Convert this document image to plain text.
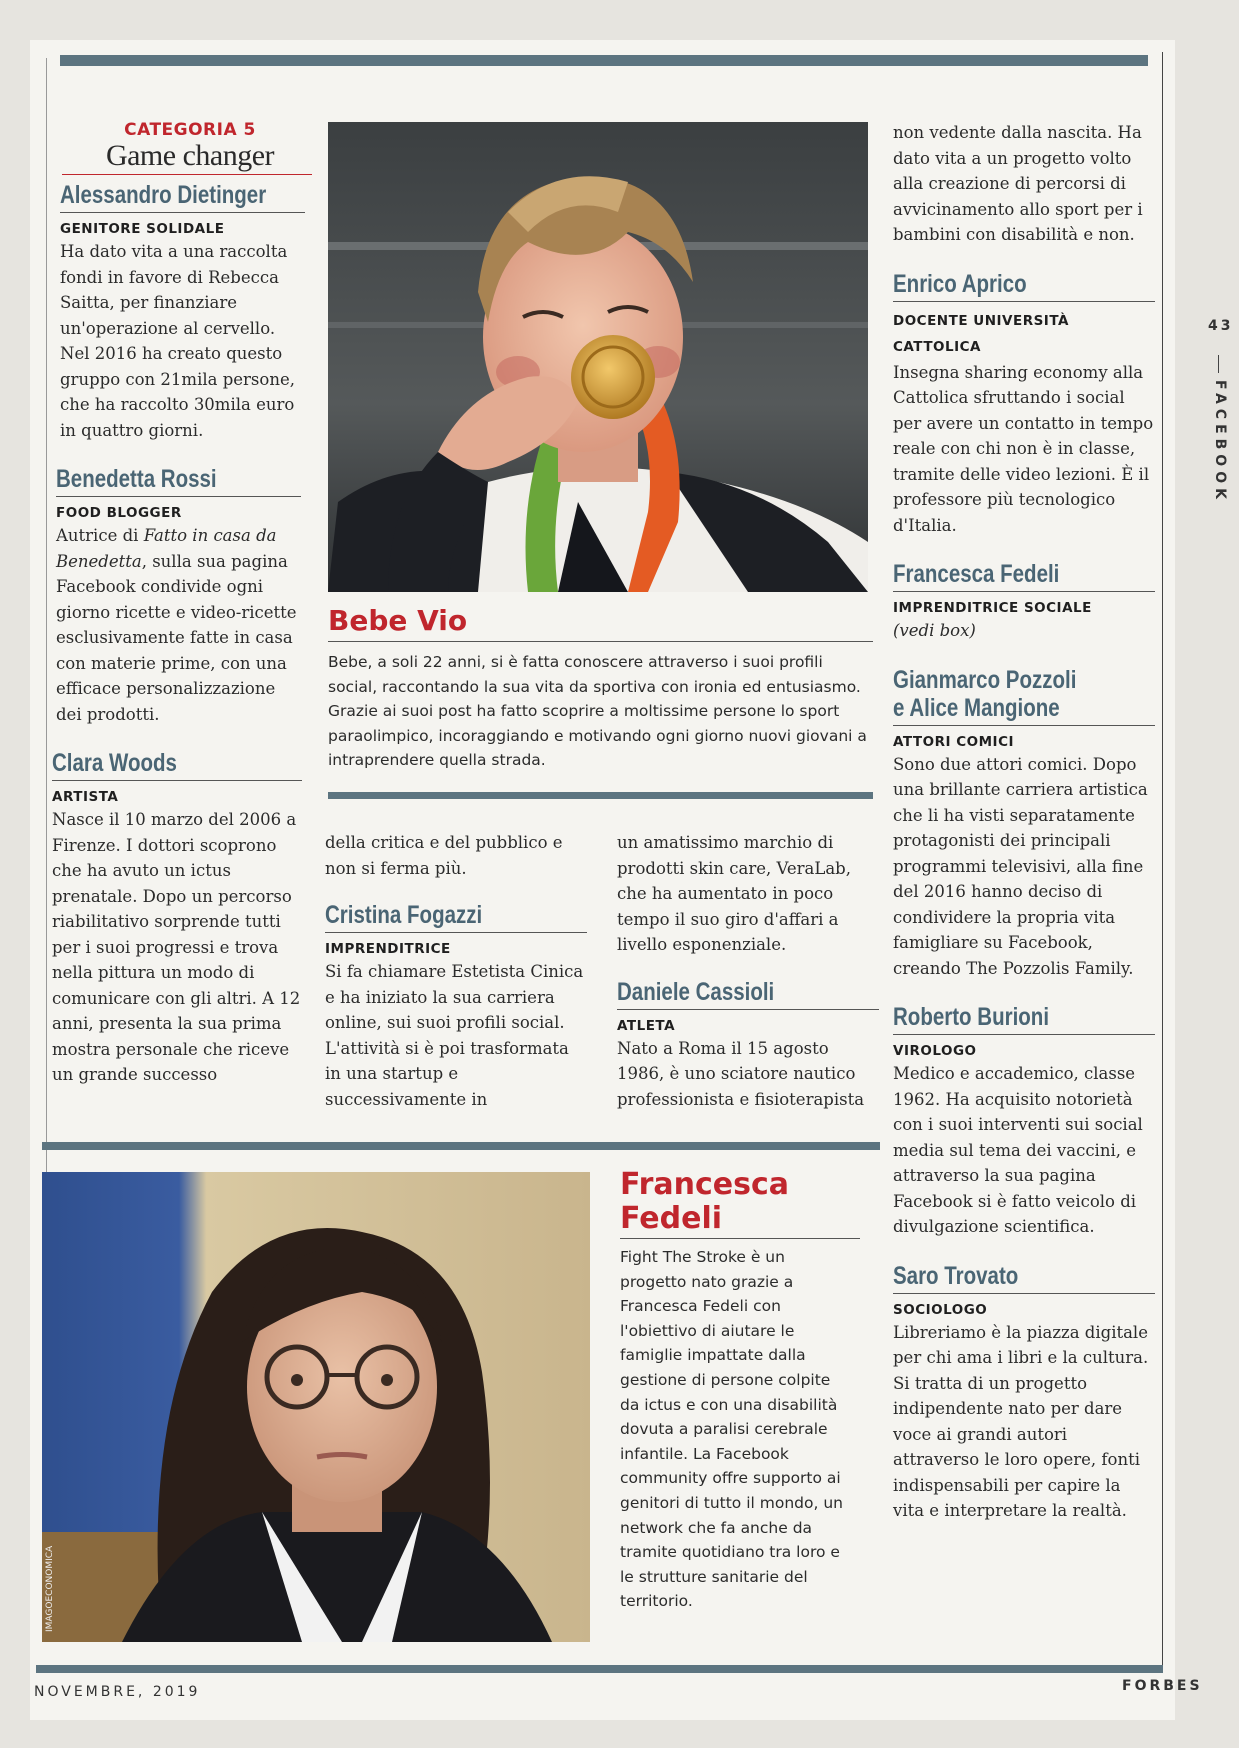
CATEGORIA 5
Game changer
Alessandro Dietinger
GENITORE SOLIDALE
Ha dato vita a una raccolta fondi in favore di Rebecca Saitta, per finanziare un'operazione al cervello. Nel 2016 ha creato questo gruppo con 21mila persone, che ha raccolto 30mila euro in quattro giorni.
Benedetta Rossi
FOOD BLOGGER
Autrice di Fatto in casa da Benedetta, sulla sua pagina Facebook condivide ogni giorno ricette e video-ricette esclusivamente fatte in casa con materie prime, con una efficace personalizzazione dei prodotti.
Clara Woods
ARTISTA
Nasce il 10 marzo del 2006 a Firenze. I dottori scoprono che ha avuto un ictus prenatale. Dopo un percorso riabilitativo sorprende tutti per i suoi progressi e trova nella pittura un modo di comunicare con gli altri. A 12 anni, presenta la sua prima mostra personale che riceve un grande successo
Bebe Vio
Bebe, a soli 22 anni, si è fatta conoscere attraverso i suoi profili social, raccontando la sua vita da sportiva con ironia ed entusiasmo. Grazie ai suoi post ha fatto scoprire a moltissime persone lo sport paraolimpico, incoraggiando e motivando ogni giorno nuovi giovani a intraprendere quella strada.
della critica e del pubblico e non si ferma più.
Cristina Fogazzi
IMPRENDITRICE
Si fa chiamare Estetista Cinica e ha iniziato la sua carriera online, sui suoi profili social. L'attività si è poi trasformata in una startup e successivamente in
un amatissimo marchio di prodotti skin care, VeraLab, che ha aumentato in poco tempo il suo giro d'affari a livello esponenziale.
Daniele Cassioli
ATLETA
Nato a Roma il 15 agosto 1986, è uno sciatore nautico professionista e fisioterapista
non vedente dalla nascita. Ha dato vita a un progetto volto alla creazione di percorsi di avvicinamento allo sport per i bambini con disabilità e non.
Enrico Aprico
DOCENTE UNIVERSITÀ CATTOLICA
Insegna sharing economy alla Cattolica sfruttando i social per avere un contatto in tempo reale con chi non è in classe, tramite delle video lezioni. È il professore più tecnologico d'Italia.
Francesca Fedeli
IMPRENDITRICE SOCIALE
(vedi box)
Gianmarco Pozzoli
e Alice Mangione
ATTORI COMICI
Sono due attori comici. Dopo una brillante carriera artistica che li ha visti separatamente protagonisti dei principali programmi televisivi, alla fine del 2016 hanno deciso di condividere la propria vita famigliare su Facebook, creando The Pozzolis Family.
Roberto Burioni
VIROLOGO
Medico e accademico, classe 1962. Ha acquisito notorietà con i suoi interventi sui social media sul tema dei vaccini, e attraverso la sua pagina Facebook si è fatto veicolo di divulgazione scientifica.
Saro Trovato
SOCIOLOGO
Libreriamo è la piazza digitale per chi ama i libri e la cultura. Si tratta di un progetto indipendente nato per dare voce ai grandi autori attraverso le loro opere, fonti indispensabili per capire la vita e interpretare la realtà.
IMAGOECONOMICA
Francesca
Fedeli
Fight The Stroke è un progetto nato grazie a Francesca Fedeli con l'obiettivo di aiutare le famiglie impattate dalla gestione di persone colpite da ictus e con una disabilità dovuta a paralisi cerebrale infantile. La Facebook community offre supporto ai genitori di tutto il mondo, un network che fa anche da tramite quotidiano tra loro e le strutture sanitarie del territorio.
43
FACEBOOK
NOVEMBRE, 2019	FORBES
